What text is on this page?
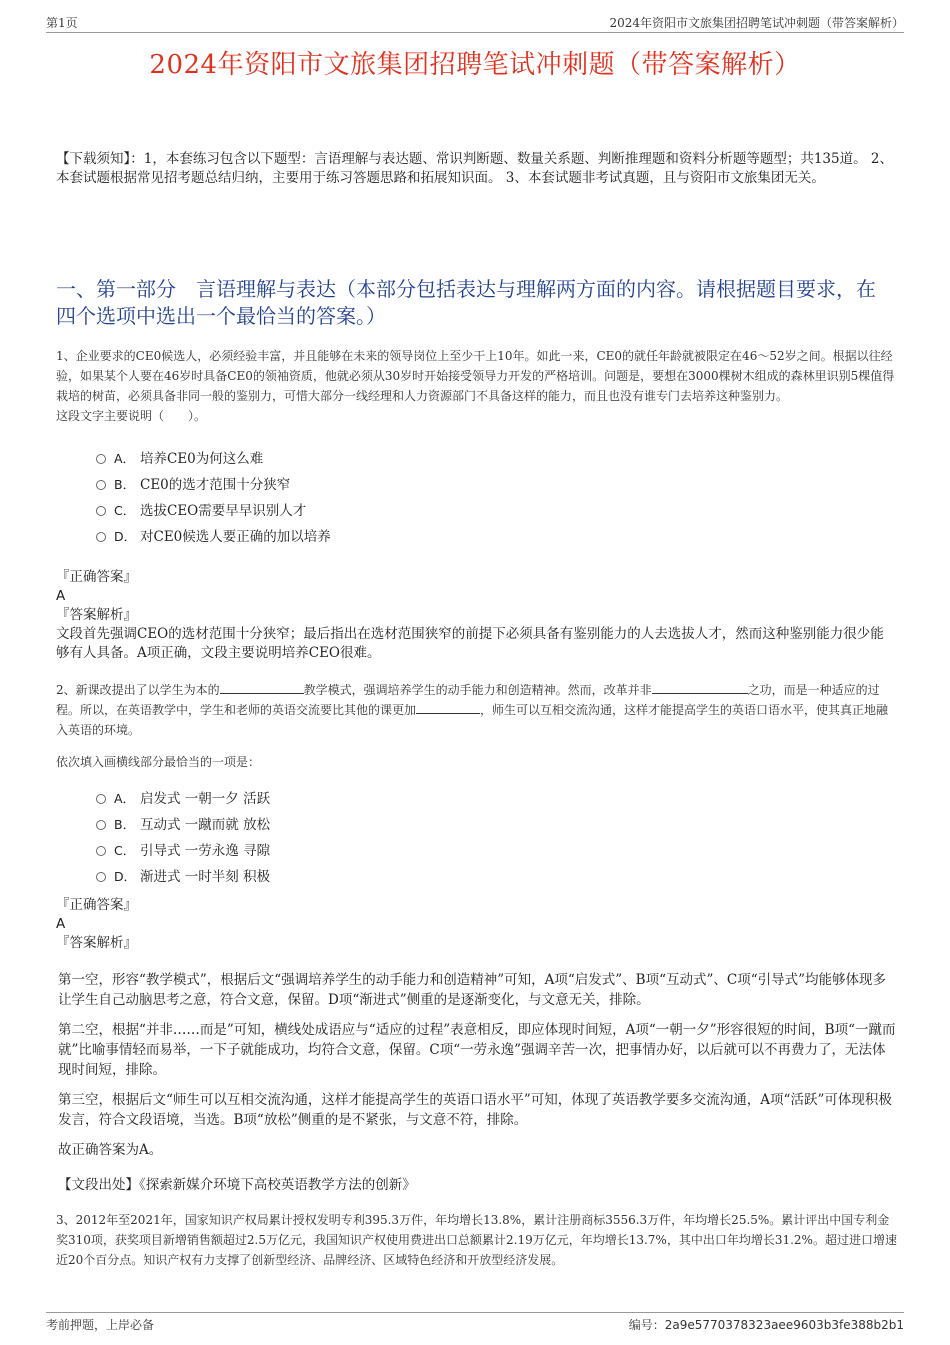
第1页	2024年资阳市文旅集团招聘笔试冲刺题（带答案解析）
2024年资阳市文旅集团招聘笔试冲刺题（带答案解析）
【下载须知】：1，本套练习包含以下题型：言语理解与表达题、常识判断题、数量关系题、判断推理题和资料分析题等题型；共135道。 2、本套试题根据常见招考题总结归纳，主要用于练习答题思路和拓展知识面。 3、本套试题非考试真题，且与资阳市文旅集团无关。
一、第一部分　言语理解与表达（本部分包括表达与理解两方面的内容。请根据题目要求，在四个选项中选出一个最恰当的答案。）

1、企业要求的CE0候选人，必须经验丰富，并且能够在未来的领导岗位上至少干上10年。如此一来，CE0的就任年龄就被限定在46～52岁之间。根据以往经验，如果某个人要在46岁时具备CE0的领袖资质，他就必须从30岁时开始接受领导力开发的严格培训。问题是，要想在3000棵树木组成的森林里识别5棵值得栽培的树苗，必须具备非同一般的鉴别力，可惜大部分一线经理和人力资源部门不具备这样的能力，而且也没有谁专门去培养这种鉴别力。

这段文字主要说明（　　）。

A． 培养CE0为何这么难
B． CE0的选才范围十分狭窄
C． 选拔CEO需要早早识别人才
D． 对CE0候选人要正确的加以培养

『正确答案』

A

『答案解析』

文段首先强调CEO的选材范围十分狭窄；最后指出在选材范围狭窄的前提下必须具备有鉴别能力的人去选拔人才，然而这种鉴别能力很少能够有人具备。A项正确，文段主要说明培养CEO很难。

2、新课改提出了以学生为本的	教学模式，强调培养学生的动手能力和创造精神。然而，改革并非	之功，而是一种适应的过程。所以，在英语教学中，学生和老师的英语交流要比其他的课更加	，师生可以互相交流沟通，这样才能提高学生的英语口语水平，使其真正地融入英语的环境。

依次填入画横线部分最恰当的一项是：

A． 启发式 一朝一夕 活跃
B． 互动式 一蹴而就 放松
C． 引导式 一劳永逸 寻隙
D． 渐进式 一时半刻 积极

『正确答案』

A

『答案解析』

第一空，形容“教学模式”，根据后文“强调培养学生的动手能力和创造精神”可知，A项“启发式”、B项“互动式”、C项“引导式”均能够体现多让学生自己动脑思考之意，符合文意，保留。D项“渐进式”侧重的是逐渐变化，与文意无关，排除。

第二空，根据“并非……而是”可知，横线处成语应与“适应的过程”表意相反，即应体现时间短，A项“一朝一夕”形容很短的时间，B项“一蹴而就”比喻事情轻而易举，一下子就能成功，均符合文意，保留。C项“一劳永逸”强调辛苦一次，把事情办好，以后就可以不再费力了，无法体现时间短，排除。

第三空，根据后文“师生可以互相交流沟通，这样才能提高学生的英语口语水平”可知，体现了英语教学要多交流沟通，A项“活跃”可体现积极发言，符合文段语境，当选。B项“放松”侧重的是不紧张，与文意不符，排除。

故正确答案为A。

【文段出处】《探索新媒介环境下高校英语教学方法的创新》

3、2012年至2021年，国家知识产权局累计授权发明专利395.3万件，年均增长13.8%，累计注册商标3556.3万件，年均增长25.5%。累计评出中国专利金奖310项，获奖项目新增销售额超过2.5万亿元，我国知识产权使用费进出口总额累计2.19万亿元，年均增长13.7%，其中出口年均增长31.2%。超过进口增速近20个百分点。知识产权有力支撑了创新型经济、品牌经济、区域特色经济和开放型经济发展。

考前押题，上岸必备	编号：2a9e5770378323aee9603b3fe388b2b1
